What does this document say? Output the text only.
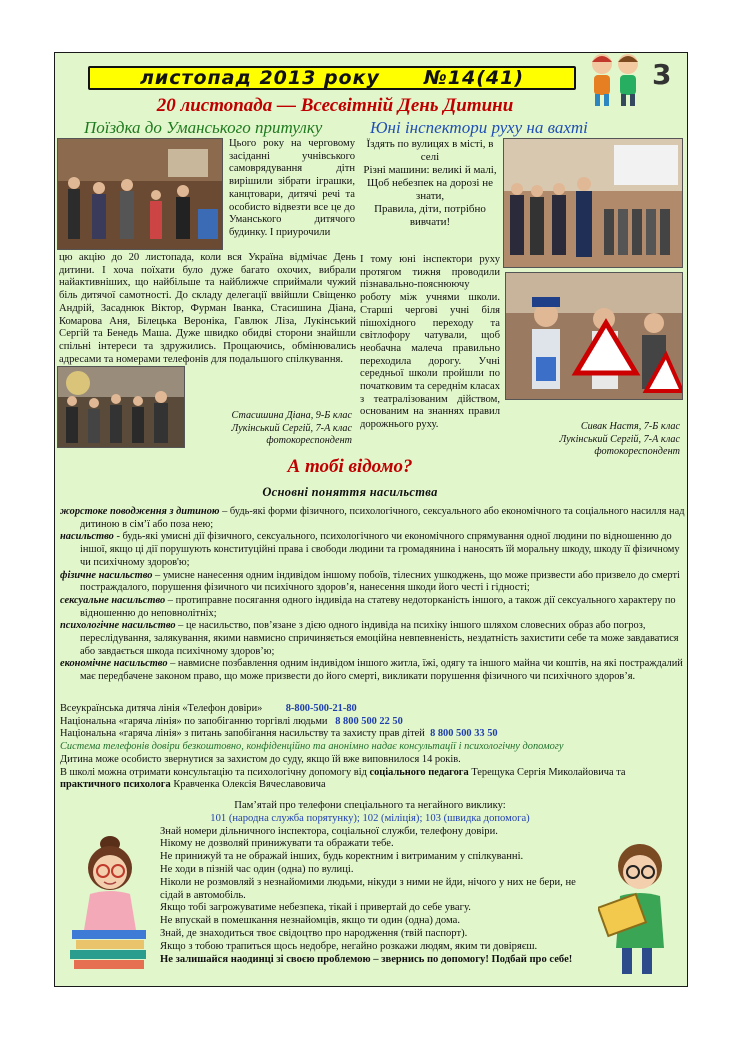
листопад 2013 року №14(41)	3
20 листопада — Всесвітній День Дитини
Поїздка до Уманського притулку	Юні інспектори руху на вахті
Цього року на черговому засіданні учнівського самоврядування дітн вирішили зібрати іграшки, канцтовари, дитячі речі та особисто відвезти все це до Уманського дитячого будинку. І приурочили
цю акцію до 20 листопада, коли вся Україна відмічає День дитини. І хоча поїхати було дуже багато охочих, вибрали найактивніших, що найбільше та найближче сприймали чужий біль дитячої самотності. До складу делегації ввійшли Свіщенко Андрій, Засаднюк Віктор, Фурман Іванка, Стасишина Діана, Комарова Аня, Білецька Вероніка, Гавлюк Ліза, Лукінський Сергій та Бенедь Маша. Дуже швидко обидві сторони знайшли спільні інтереси та здружились. Прощаючись, обмінювались адресами та номерами телефонів для подальшого спілкування.
Стасишина Діана, 9-Б клас
Лукінський Сергій, 7-А клас
фотокореспондент
Їздять по вулицях в місті, в селі
Різні машини: великі й малі,
Щоб небезпек на дорозі не знати,
Правила, діти, потрібно вивчати!
І тому юні інспектори руху протягом тижня проводили пізнавально-пояснюючу роботу між учнями школи. Старші чергові учні біля пішохідного переходу та світлофору чатували, щоб необачна малеча правильно переходила дорогу. Учні середньої школи пройшли по початковим та середнім класах з театралізованим дійством, основаним на знаннях правил дорожнього руху.	Сивак Настя, 7-Б клас
Лукінський Сергій, 7-А клас
фотокореспондент
А тобі відомо?
Основні поняття насильства
жорстоке поводження з дитиною – будь-які форми фізичного, психологічного, сексуального або економічного та соціального насилля над дитиною в сім’ї або поза нею;
насильство - будь-які умисні дії фізичного, сексуального, психологічного чи економічного спрямування одної людини по відношенню до іншої, якщо ці дії порушують конституційні права і свободи людини та громадянина і наносять їй моральну шкоду, шкоду її фізичному чи психічному здоров'ю;
фізичне насильство – умисне нанесення одним індивідом іншому побоїв, тілесних ушкоджень, що може призвести або призвело до смерті постраждалого, порушення фізичного чи психічного здоров’я, нанесення шкоди його честі і гідності;
сексуальне насильство – протиправне посягання одного індивіда на статеву недоторканість іншого, а також дії сексуального характеру по відношенню до неповнолітніх;
психологічне насильство – це насильство, пов’язане з дією одного індивіда на психіку іншого шляхом словесних образ або погроз, переслідування, залякування, якими навмисно спричиняється емоційна невпевненість, нездатність захистити себе та може завдаватися або завдається шкода психічному здоров’ю;
економічне насильство – навмисне позбавлення одним індивідом іншого житла, їжі, одягу та іншого майна чи коштів, на які постраждалий має передбачене законом право, що може призвести до його смерті, викликати порушення фізичного чи психічного здоров’я.
Всеукраїнська дитяча лінія «Телефон довіри» 8-800-500-21-80
Національна «гаряча лінія» по запобіганню торгівлі людьми 8 800 500 22 50
Національна «гаряча лінія» з питань запобігання насильству та захисту прав дітей 8 800 500 33 50
Система телефонів довіри безкоштовно, конфіденційно та анонімно надає консультації і психологічну допомогу
Дитина може особисто звернутися за захистом до суду, якщо їй вже виповнилося 14 років.
В школі можна отримати консультацію та психологічну допомогу від соціального педагога Терещука Сергія Миколайовича та практичного психолога Кравченка Олексія Вячеславовича
Пам’ятай про телефони спеціального та негайного виклику:
101 (народна служба порятунку); 102 (міліція); 103 (швидка допомога)
Знай номери дільничного інспектора, соціальної служби, телефону довіри.
Нікому не дозволяй принижувати та ображати тебе.
Не принижуй та не ображай інших, будь коректним і витриманим у спілкуванні.
Не ходи в пізній час один (одна) по вулиці.
Ніколи не розмовляй з незнайомими людьми, нікуди з ними не йди, нічого у них не бери, не сідай в автомобіль.
Якщо тобі загрожуватиме небезпека, тікай і привертай до себе увагу.
Не впускай в помешкання незнайомців, якщо ти один (одна) дома.
Знай, де знаходиться твоє свідоцтво про народження (твій паспорт).
Якщо з тобою трапиться щось недобре, негайно розкажи людям, яким ти довіряєш.
Не залишайся наодинці зі своєю проблемою – звернись по допомогу! Подбай про себе!
